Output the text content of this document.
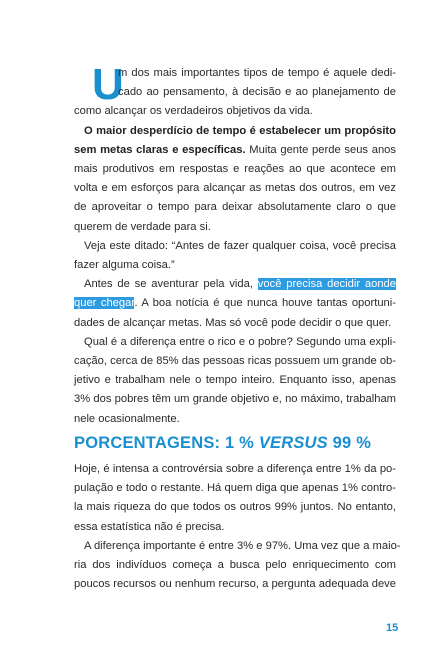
U
m dos mais importantes tipos de tempo é aquele dedi-
cado ao pensamento, à decisão e ao planejamento de
como alcançar os verdadeiros objetivos da vida.
O maior desperdício de tempo é estabelecer um propósito
sem metas claras e específicas. Muita gente perde seus anos
mais produtivos em respostas e reações ao que acontece em
volta e em esforços para alcançar as metas dos outros, em vez
de aproveitar o tempo para deixar absolutamente claro o que
querem de verdade para si.
Veja este ditado: “Antes de fazer qualquer coisa, você precisa
fazer alguma coisa.”
Antes de se aventurar pela vida, você precisa decidir aonde
quer chegar. A boa notícia é que nunca houve tantas oportuni-
dades de alcançar metas. Mas só você pode decidir o que quer.
Qual é a diferença entre o rico e o pobre? Segundo uma expli-
cação, cerca de 85% das pessoas ricas possuem um grande ob-
jetivo e trabalham nele o tempo inteiro. Enquanto isso, apenas
3% dos pobres têm um grande objetivo e, no máximo, trabalham
nele ocasionalmente.
PORCENTAGENS: 1 % VERSUS 99 %
Hoje, é intensa a controvérsia sobre a diferença entre 1% da po-
pulação e todo o restante. Há quem diga que apenas 1% contro-
la mais riqueza do que todos os outros 99% juntos. No entanto,
essa estatística não é precisa.
A diferença importante é entre 3% e 97%. Uma vez que a maio-
ria dos indivíduos começa a busca pelo enriquecimento com
poucos recursos ou nenhum recurso, a pergunta adequada deve
15
